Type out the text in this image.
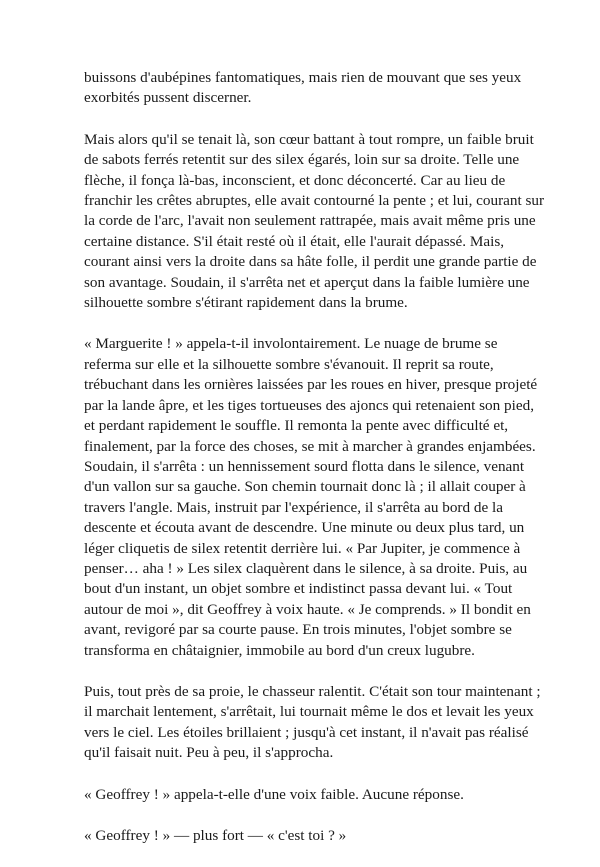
buissons d'aubépines fantomatiques, mais rien de mouvant que ses yeux
exorbités pussent discerner.

Mais alors qu'il se tenait là, son cœur battant à tout rompre, un faible bruit
de sabots ferrés retentit sur des silex égarés, loin sur sa droite. Telle une
flèche, il fonça là-bas, inconscient, et donc déconcerté. Car au lieu de
franchir les crêtes abruptes, elle avait contourné la pente ; et lui, courant sur
la corde de l'arc, l'avait non seulement rattrapée, mais avait même pris une
certaine distance. S'il était resté où il était, elle l'aurait dépassé. Mais,
courant ainsi vers la droite dans sa hâte folle, il perdit une grande partie de
son avantage. Soudain, il s'arrêta net et aperçut dans la faible lumière une
silhouette sombre s'étirant rapidement dans la brume.

« Marguerite ! » appela-t-il involontairement. Le nuage de brume se
referma sur elle et la silhouette sombre s'évanouit. Il reprit sa route,
trébuchant dans les ornières laissées par les roues en hiver, presque projeté
par la lande âpre, et les tiges tortueuses des ajoncs qui retenaient son pied,
et perdant rapidement le souffle. Il remonta la pente avec difficulté et,
finalement, par la force des choses, se mit à marcher à grandes enjambées.
Soudain, il s'arrêta : un hennissement sourd flotta dans le silence, venant
d'un vallon sur sa gauche. Son chemin tournait donc là ; il allait couper à
travers l'angle. Mais, instruit par l'expérience, il s'arrêta au bord de la
descente et écouta avant de descendre. Une minute ou deux plus tard, un
léger cliquetis de silex retentit derrière lui. « Par Jupiter, je commence à
penser… aha ! » Les silex claquèrent dans le silence, à sa droite. Puis, au
bout d'un instant, un objet sombre et indistinct passa devant lui. « Tout
autour de moi », dit Geoffrey à voix haute. « Je comprends. » Il bondit en
avant, revigoré par sa courte pause. En trois minutes, l'objet sombre se
transforma en châtaignier, immobile au bord d'un creux lugubre.

Puis, tout près de sa proie, le chasseur ralentit. C'était son tour maintenant ;
il marchait lentement, s'arrêtait, lui tournait même le dos et levait les yeux
vers le ciel. Les étoiles brillaient ; jusqu'à cet instant, il n'avait pas réalisé
qu'il faisait nuit. Peu à peu, il s'approcha.

« Geoffrey ! » appela-t-elle d'une voix faible. Aucune réponse.

« Geoffrey ! » — plus fort — « c'est toi ? »
